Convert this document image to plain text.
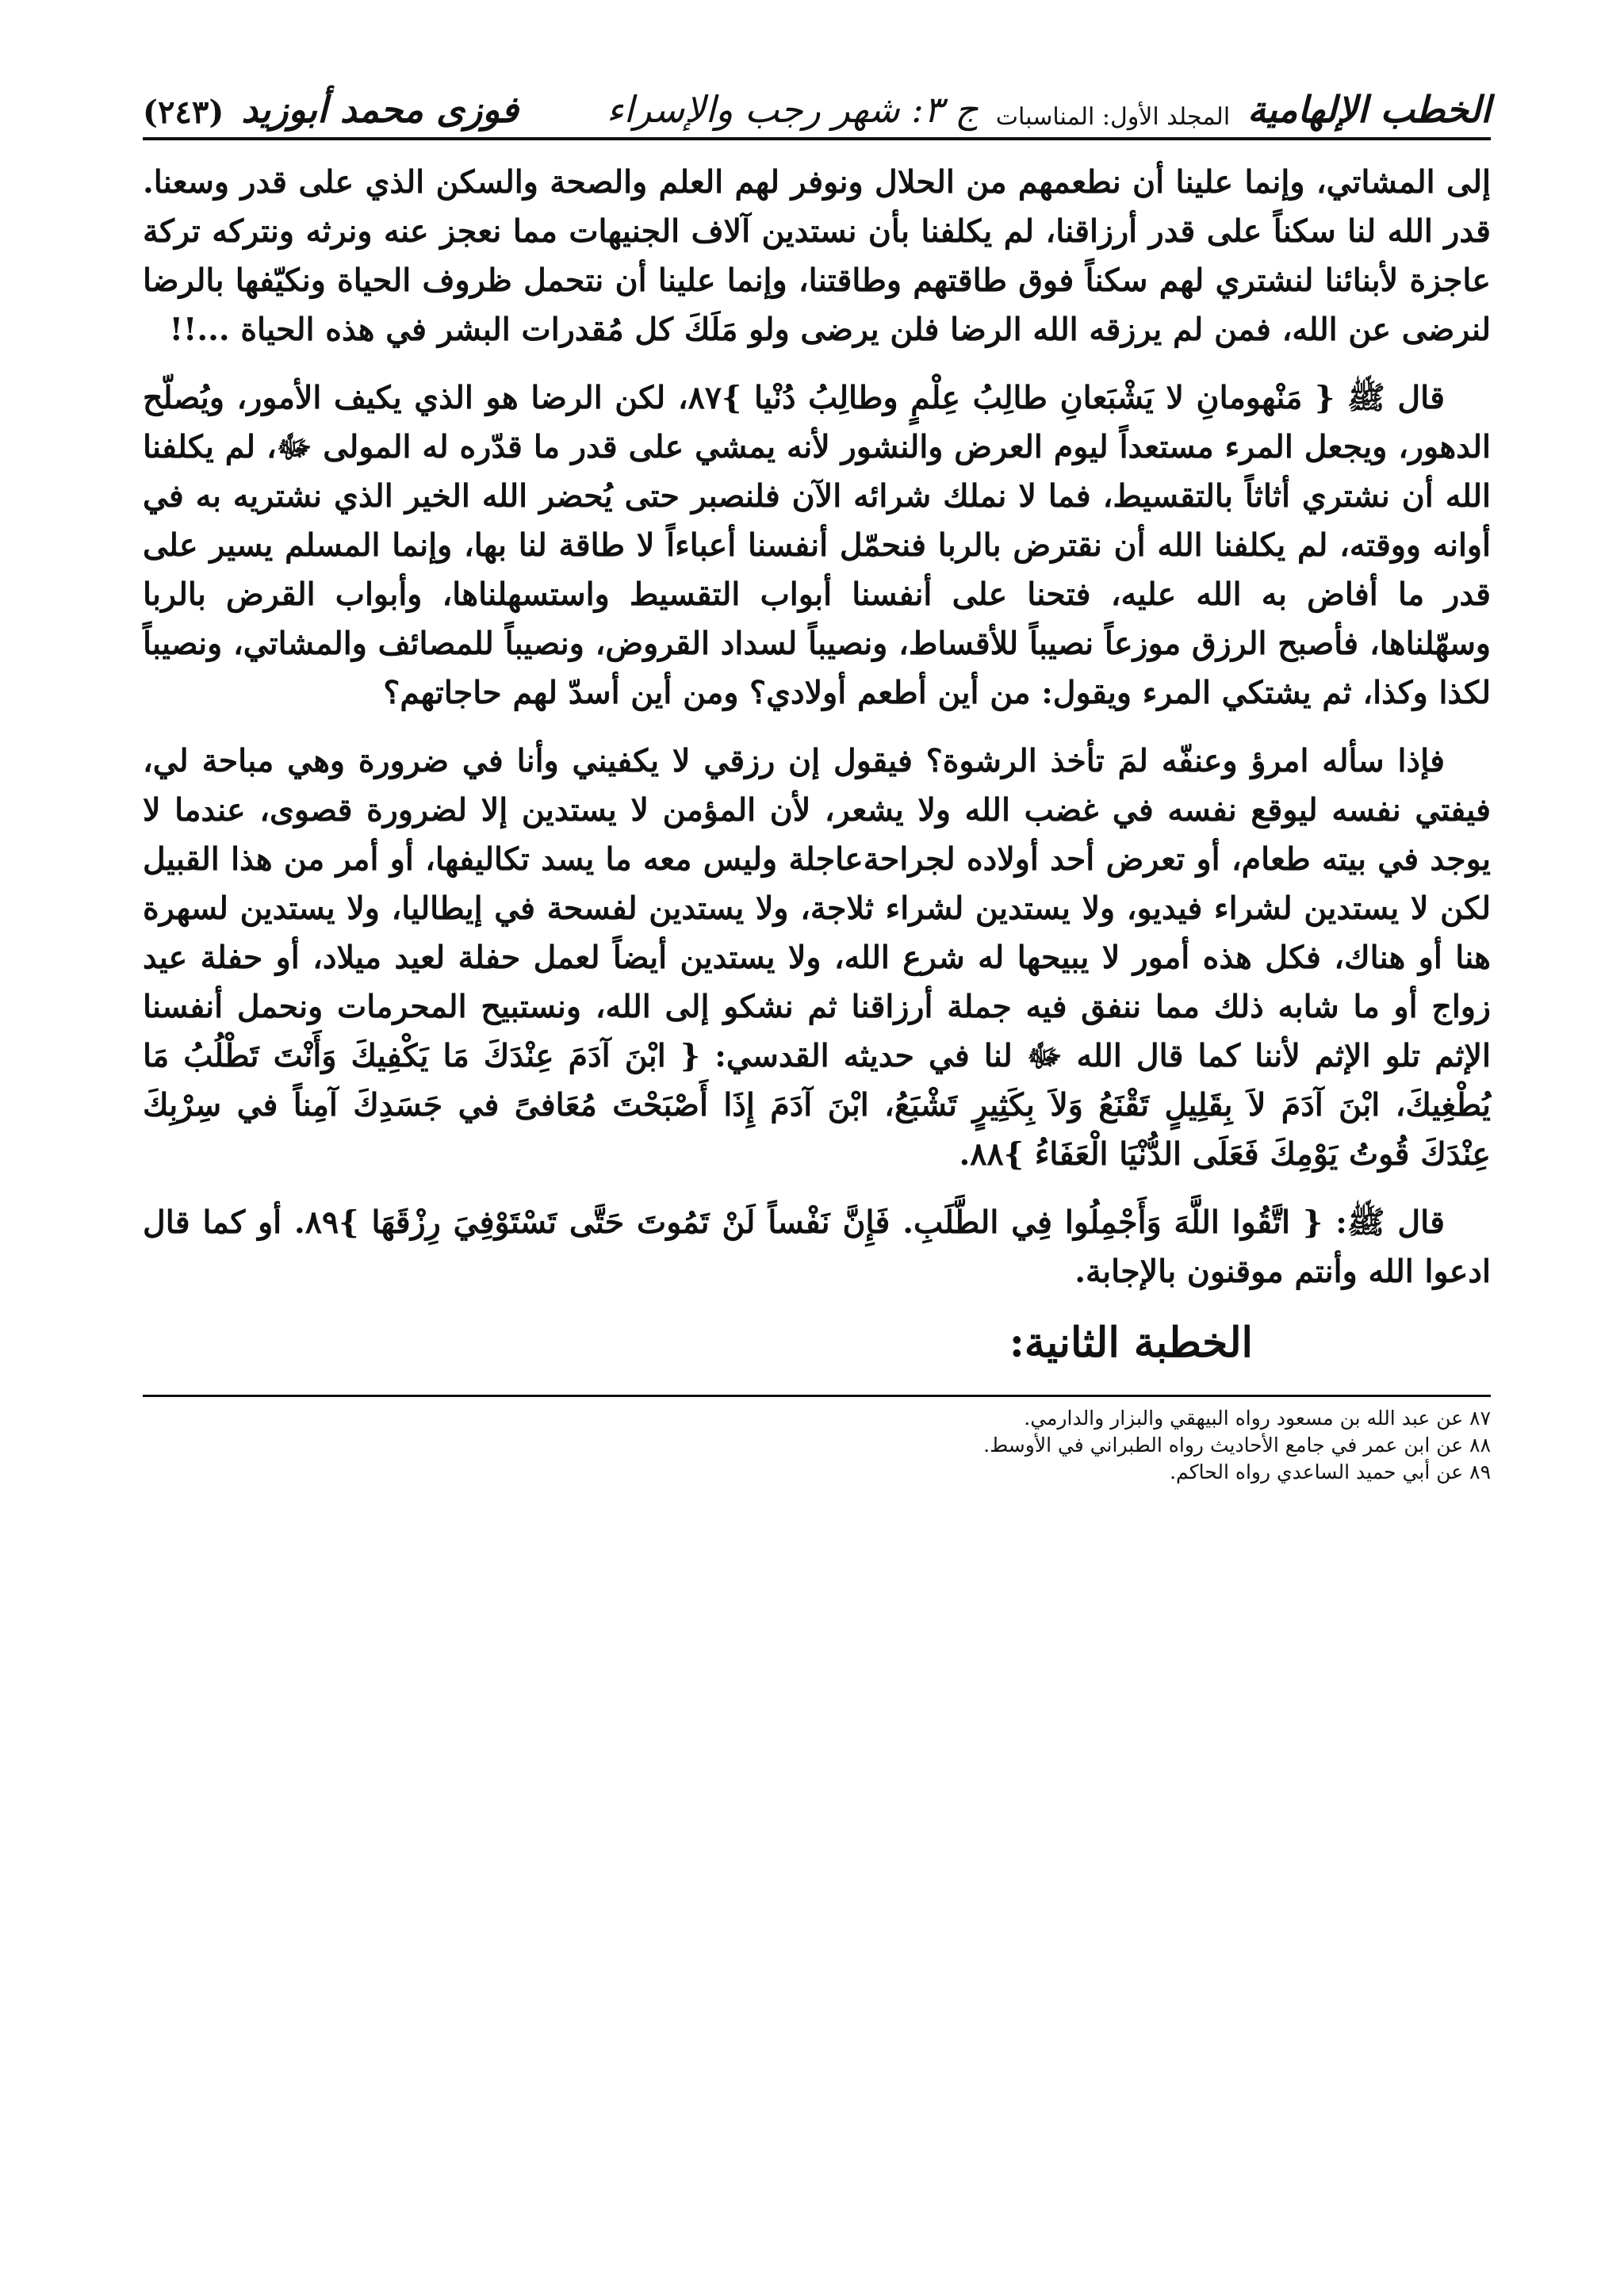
الخطب الإلهامية
المجلد الأول: المناسبات
ج ٣: شهر رجب والإسراء
فوزى محمد أبوزيد
(٢٤٣)

إلى المشاتي، وإنما علينا أن نطعمهم من الحلال ونوفر لهم العلم والصحة والسكن الذي على قدر وسعنا. قدر الله لنا سكناً على قدر أرزاقنا، لم يكلفنا بأن نستدين آلاف الجنيهات مما نعجز عنه ونرثه ونتركه تركة عاجزة لأبنائنا لنشتري لهم سكناً فوق طاقتهم وطاقتنا، وإنما علينا أن نتحمل ظروف الحياة ونكيّفها بالرضا لنرضى عن الله، فمن لم يرزقه الله الرضا فلن يرضى ولو مَلَكَ كل مُقدرات البشر في هذه الحياة ...!!

قال ﷺ { مَنْهومانِ لا يَشْبَعانِ طالِبُ عِلْمٍ وطالِبُ دُنْيا }٨٧، لكن الرضا هو الذي يكيف الأمور، ويُصلّح الدهور، ويجعل المرء مستعداً ليوم العرض والنشور لأنه يمشي على قدر ما قدّره له المولى ﷻ، لم يكلفنا الله أن نشتري أثاثاً بالتقسيط، فما لا نملك شرائه الآن فلنصبر حتى يُحضر الله الخير الذي نشتريه به في أوانه ووقته، لم يكلفنا الله أن نقترض بالربا فنحمّل أنفسنا أعباءاً لا طاقة لنا بها، وإنما المسلم يسير على قدر ما أفاض به الله عليه، فتحنا على أنفسنا أبواب التقسيط واستسهلناها، وأبواب القرض بالربا وسهّلناها، فأصبح الرزق موزعاً نصيباً للأقساط، ونصيباً لسداد القروض، ونصيباً للمصائف والمشاتي، ونصيباً لكذا وكذا، ثم يشتكي المرء ويقول: من أين أطعم أولادي؟ ومن أين أسدّ لهم حاجاتهم؟

فإذا سأله امرؤ وعنفّه لمَ تأخذ الرشوة؟ فيقول إن رزقي لا يكفيني وأنا في ضرورة وهي مباحة لي، فيفتي نفسه ليوقع نفسه في غضب الله ولا يشعر، لأن المؤمن لا يستدين إلا لضرورة قصوى، عندما لا يوجد في بيته طعام، أو تعرض أحد أولاده لجراحةعاجلة وليس معه ما يسد تكاليفها، أو أمر من هذا القبيل لكن لا يستدين لشراء فيديو، ولا يستدين لشراء ثلاجة، ولا يستدين لفسحة في إيطاليا، ولا يستدين لسهرة هنا أو هناك، فكل هذه أمور لا يبيحها له شرع الله، ولا يستدين أيضاً لعمل حفلة لعيد ميلاد، أو حفلة عيد زواج أو ما شابه ذلك مما ننفق فيه جملة أرزاقنا ثم نشكو إلى الله، ونستبيح المحرمات ونحمل أنفسنا الإثم تلو الإثم لأننا كما قال الله ﷻ لنا في حديثه القدسي: { ابْنَ آدَمَ عِنْدَكَ مَا يَكْفِيكَ وَأَنْتَ تَطْلُبُ مَا يُطْغِيكَ، ابْنَ آدَمَ لاَ بِقَلِيلٍ تَقْنَعُ وَلاَ بِكَثِيرٍ تَشْبَعُ، ابْنَ آدَمَ إِذَا أَصْبَحْتَ مُعَافىً في جَسَدِكَ آمِناً في سِرْبِكَ عِنْدَكَ قُوتُ يَوْمِكَ فَعَلَى الدُّنْيَا الْعَفَاءُ }٨٨.

قال ﷺ: { اتَّقُوا اللَّهَ وَأَجْمِلُوا فِي الطَّلَبِ. فَإِنَّ نَفْساً لَنْ تَمُوتَ حَتَّى تَسْتَوْفِيَ رِزْقَهَا }٨٩. أو كما قال ادعوا الله وأنتم موقنون بالإجابة.

الخطبة الثانية:

٨٧ عن عبد الله بن مسعود رواه البيهقي والبزار والدارمي.

٨٨ عن ابن عمر في جامع الأحاديث رواه الطبراني في الأوسط.

٨٩ عن أبي حميد الساعدي رواه الحاكم.
